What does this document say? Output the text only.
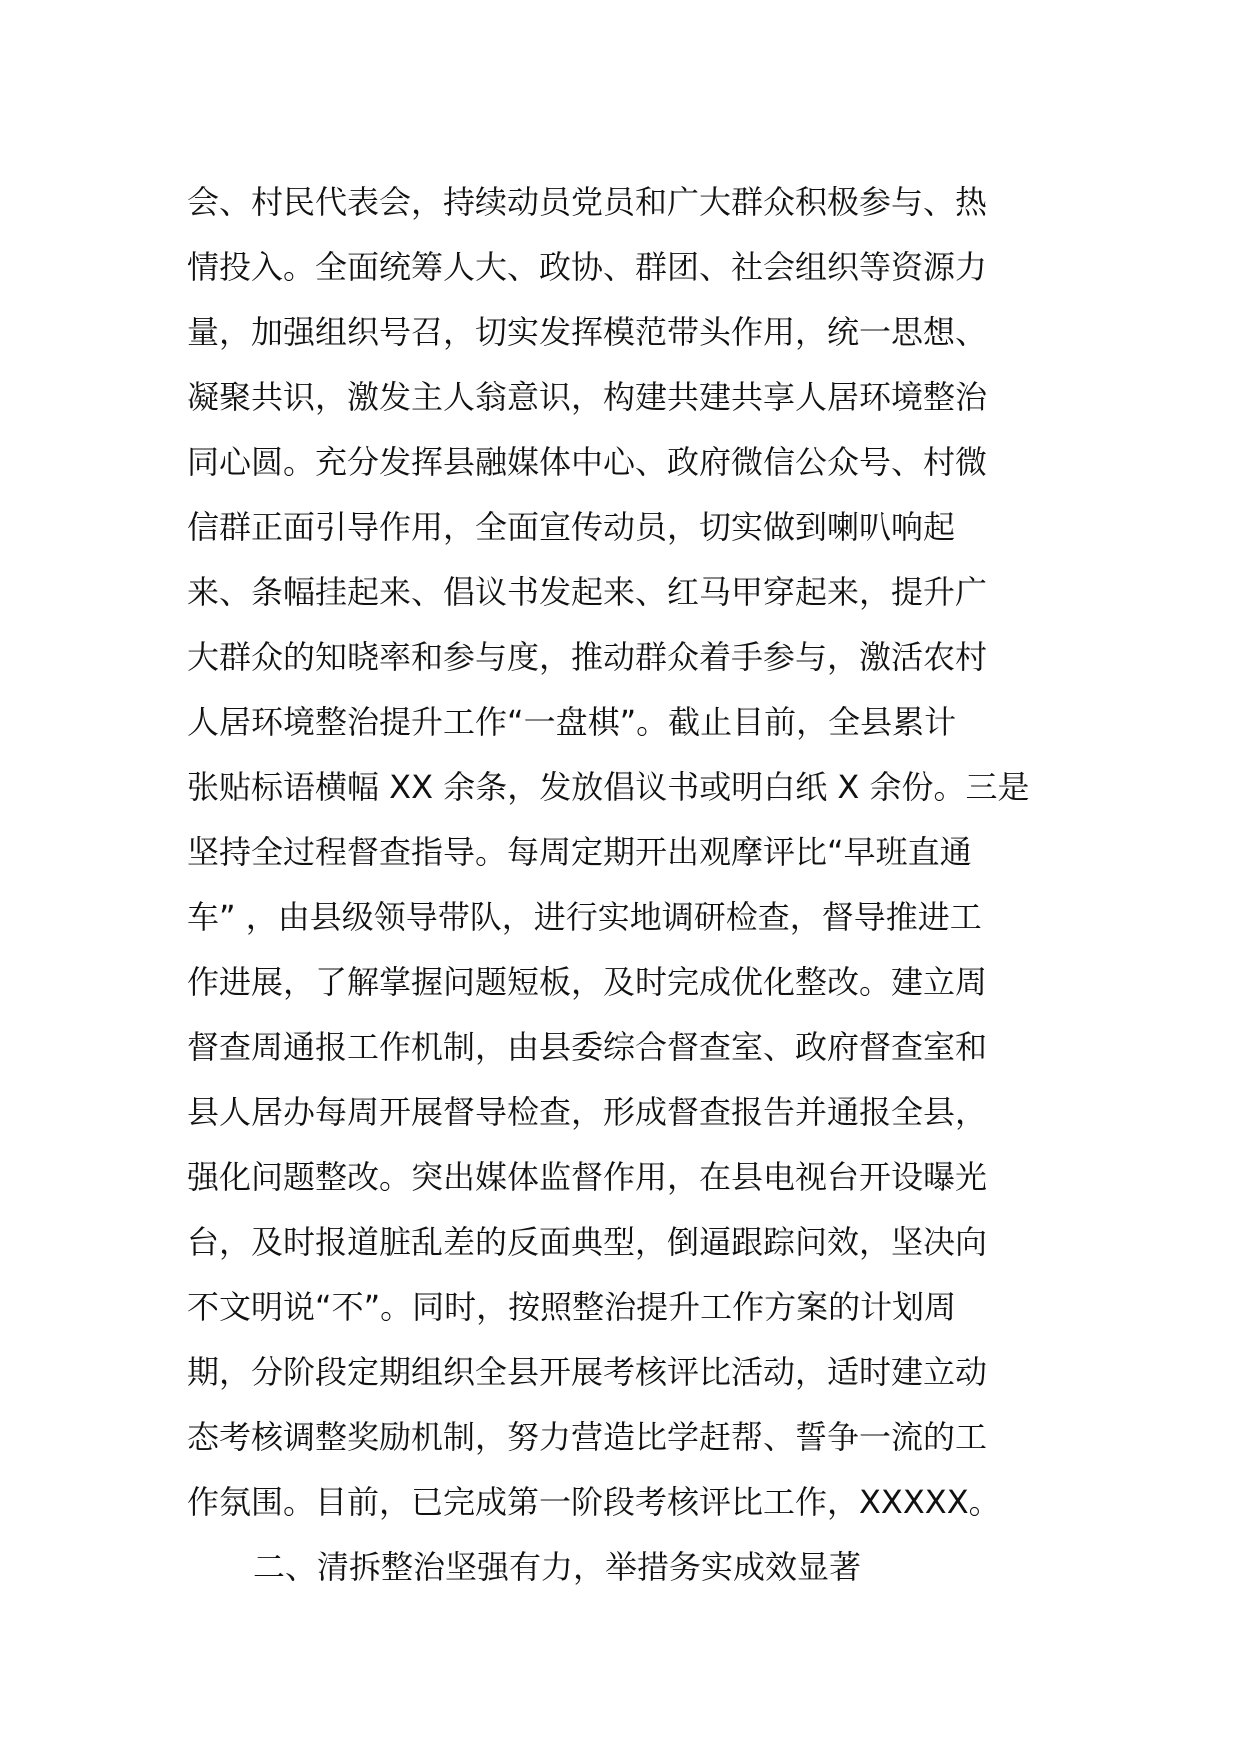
会、村民代表会，持续动员党员和广大群众积极参与、热
情投入。全面统筹人大、政协、群团、社会组织等资源力
量，加强组织号召，切实发挥模范带头作用，统一思想、
凝聚共识，激发主人翁意识，构建共建共享人居环境整治
同心圆。充分发挥县融媒体中心、政府微信公众号、村微
信群正面引导作用，全面宣传动员，切实做到喇叭响起
来、条幅挂起来、倡议书发起来、红马甲穿起来，提升广
大群众的知晓率和参与度，推动群众着手参与，激活农村
人居环境整治提升工作“一盘棋”。截止目前，全县累计
张贴标语横幅 XX 余条，发放倡议书或明白纸 X 余份。三是
坚持全过程督查指导。每周定期开出观摩评比“早班直通
车” ，由县级领导带队，进行实地调研检查，督导推进工
作进展，了解掌握问题短板，及时完成优化整改。建立周
督查周通报工作机制，由县委综合督查室、政府督查室和
县人居办每周开展督导检查，形成督查报告并通报全县，
强化问题整改。突出媒体监督作用，在县电视台开设曝光
台，及时报道脏乱差的反面典型，倒逼跟踪问效，坚决向
不文明说“不”。同时，按照整治提升工作方案的计划周
期，分阶段定期组织全县开展考核评比活动，适时建立动
态考核调整奖励机制，努力营造比学赶帮、誓争一流的工
作氛围。目前，已完成第一阶段考核评比工作，XXXXX。
二、清拆整治坚强有力，举措务实成效显著
